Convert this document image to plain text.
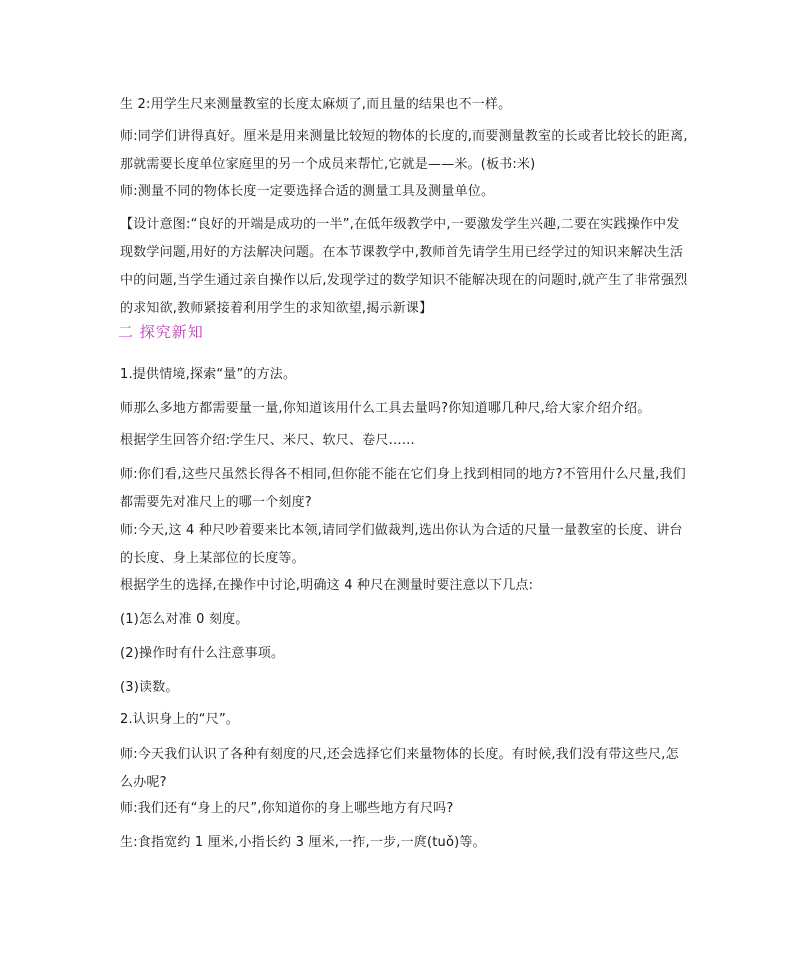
生 2:用学生尺来测量教室的长度太麻烦了,而且量的结果也不一样。
师:同学们讲得真好。厘米是用来测量比较短的物体的长度的,而要测量教室的长或者比较长的距离,那就需要长度单位家庭里的另一个成员来帮忙,它就是——米。(板书:米)
师:测量不同的物体长度一定要选择合适的测量工具及测量单位。
【设计意图:“良好的开端是成功的一半”,在低年级教学中,一要激发学生兴趣,二要在实践操作中发现数学问题,用好的方法解决问题。在本节课教学中,教师首先请学生用已经学过的知识来解决生活中的问题,当学生通过亲自操作以后,发现学过的数学知识不能解决现在的问题时,就产生了非常强烈的求知欲,教师紧接着利用学生的求知欲望,揭示新课】
二 探究新知
1.提供情境,探索“量”的方法。
师那么多地方都需要量一量,你知道该用什么工具去量吗?你知道哪几种尺,给大家介绍介绍。
根据学生回答介绍:学生尺、米尺、软尺、卷尺……
师:你们看,这些尺虽然长得各不相同,但你能不能在它们身上找到相同的地方?不管用什么尺量,我们都需要先对准尺上的哪一个刻度?
师:今天,这 4 种尺吵着要来比本领,请同学们做裁判,选出你认为合适的尺量一量教室的长度、讲台的长度、身上某部位的长度等。
根据学生的选择,在操作中讨论,明确这 4 种尺在测量时要注意以下几点:
(1)怎么对准 0 刻度。
(2)操作时有什么注意事项。
(3)读数。
2.认识身上的“尺”。
师:今天我们认识了各种有刻度的尺,还会选择它们来量物体的长度。有时候,我们没有带这些尺,怎么办呢?
师:我们还有“身上的尺”,你知道你的身上哪些地方有尺吗?
生:食指宽约 1 厘米,小指长约 3 厘米,一拃,一步,一庹(tuǒ)等。
